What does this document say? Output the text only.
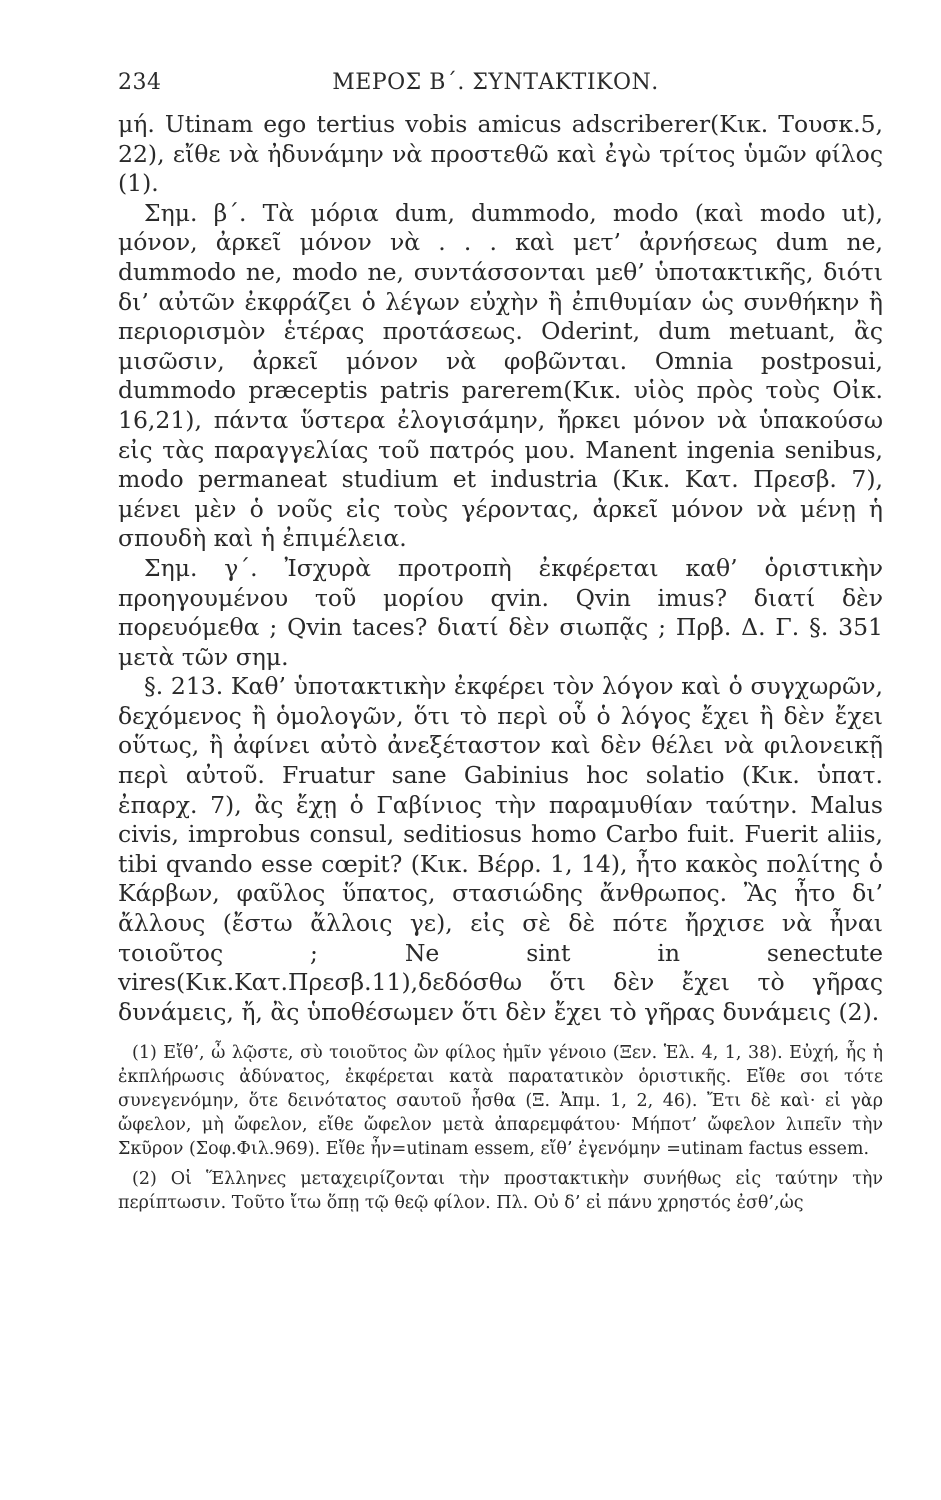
234	ΜΕΡΟΣ Β΄. ΣΥΝΤΑΚΤΙΚΟΝ.

μή. Utinam ego tertius vobis amicus adscriberer(Κικ. Τουσκ.5, 22), εἴθε νὰ ἠδυνάμην νὰ προστεθῶ καὶ ἐγὼ τρίτος ὑμῶν φίλος (1).

Σημ. β΄. Τὰ μόρια dum, dummodo, modo (καὶ modo ut), μόνον, ἀρκεῖ μόνον νὰ . . . καὶ μετ’ ἀρνήσεως dum ne, dummodo ne, modo ne, συντάσσονται μεθ’ ὑποτακτικῆς, διότι δι’ αὐτῶν ἐκφράζει ὁ λέγων εὐχὴν ἢ ἐπιθυμίαν ὡς συνθήκην ἢ περιορισμὸν ἑτέρας προτάσεως. Oderint, dum metuant, ἂς μισῶσιν, ἀρκεῖ μόνον νὰ φοβῶνται. Omnia postposui, dummodo præceptis patris parerem(Κικ. υἱὸς πρὸς τοὺς Οἰκ. 16,21), πάντα ὕστερα ἐλογισάμην, ἤρκει μόνον νὰ ὑπακούσω εἰς τὰς παραγγελίας τοῦ πατρός μου. Manent ingenia senibus, modo permaneat studium et industria (Κικ. Κατ. Πρεσβ. 7), μένει μὲν ὁ νοῦς εἰς τοὺς γέροντας, ἀρκεῖ μόνον νὰ μένῃ ἡ σπουδὴ καὶ ἡ ἐπιμέλεια.

Σημ. γ΄. Ἰσχυρὰ προτροπὴ ἐκφέρεται καθ’ ὁριστικὴν προηγουμένου τοῦ μορίου qvin. Qvin imus? διατί δὲν πορευόμεθα ; Qvin taces? διατί δὲν σιωπᾷς ; Πρβ. Δ. Γ. §. 351 μετὰ τῶν σημ.

§. 213. Καθ’ ὑποτακτικὴν ἐκφέρει τὸν λόγον καὶ ὁ συγχωρῶν, δεχόμενος ἢ ὁμολογῶν, ὅτι τὸ περὶ οὗ ὁ λόγος ἔχει ἢ δὲν ἔχει οὕτως, ἢ ἀφίνει αὐτὸ ἀνεξέταστον καὶ δὲν θέλει νὰ φιλονεικῇ περὶ αὐτοῦ. Fruatur sane Gabinius hoc solatio (Κικ. ὑπατ. ἐπαρχ. 7), ἂς ἔχῃ ὁ Γαβίνιος τὴν παραμυθίαν ταύτην. Malus civis, improbus consul, seditiosus homo Carbo fuit. Fuerit aliis, tibi qvando esse cœpit? (Κικ. Βέρρ. 1, 14), ἦτο κακὸς πολίτης ὁ Κάρβων, φαῦλος ὕπατος, στασιώδης ἄνθρωπος. Ἂς ἦτο δι’ ἄλλους (ἔστω ἄλλοις γε), εἰς σὲ δὲ πότε ἤρχισε νὰ ἦναι τοιοῦτος ; Ne sint in senectute vires(Κικ.Κατ.Πρεσβ.11),δεδόσθω ὅτι δὲν ἔχει τὸ γῆρας δυνάμεις, ἤ, ἂς ὑποθέσωμεν ὅτι δὲν ἔχει τὸ γῆρας δυνάμεις (2).

(1) Εἴθ’, ὦ λῷστε, σὺ τοιοῦτος ὢν φίλος ἡμῖν γένοιο (Ξεν. Ἑλ. 4, 1, 38). Εὐχή, ἧς ἡ ἐκπλήρωσις ἀδύνατος, ἐκφέρεται κατὰ παρατατικὸν ὁριστικῆς. Εἴθε σοι τότε συνεγενόμην, ὅτε δεινότατος σαυτοῦ ἦσθα (Ξ. Ἀπμ. 1, 2, 46). Ἔτι δὲ καὶ· εἰ γὰρ ὤφελον, μὴ ὤφελον, εἴθε ὤφελον μετὰ ἀπαρεμφάτου· Μήποτ’ ὤφελον λιπεῖν τὴν Σκῦρον (Σοφ.Φιλ.969). Εἴθε ἦν=utinam essem, εἴθ’ ἐγενόμην =utinam factus essem.

(2) Οἱ Ἕλληνες μεταχειρίζονται τὴν προστακτικὴν συνήθως εἰς ταύτην τὴν περίπτωσιν. Τοῦτο ἴτω ὅπῃ τῷ θεῷ φίλον. Πλ. Οὐ δ’ εἰ πάνυ χρηστός ἐσθ’,ὡς
